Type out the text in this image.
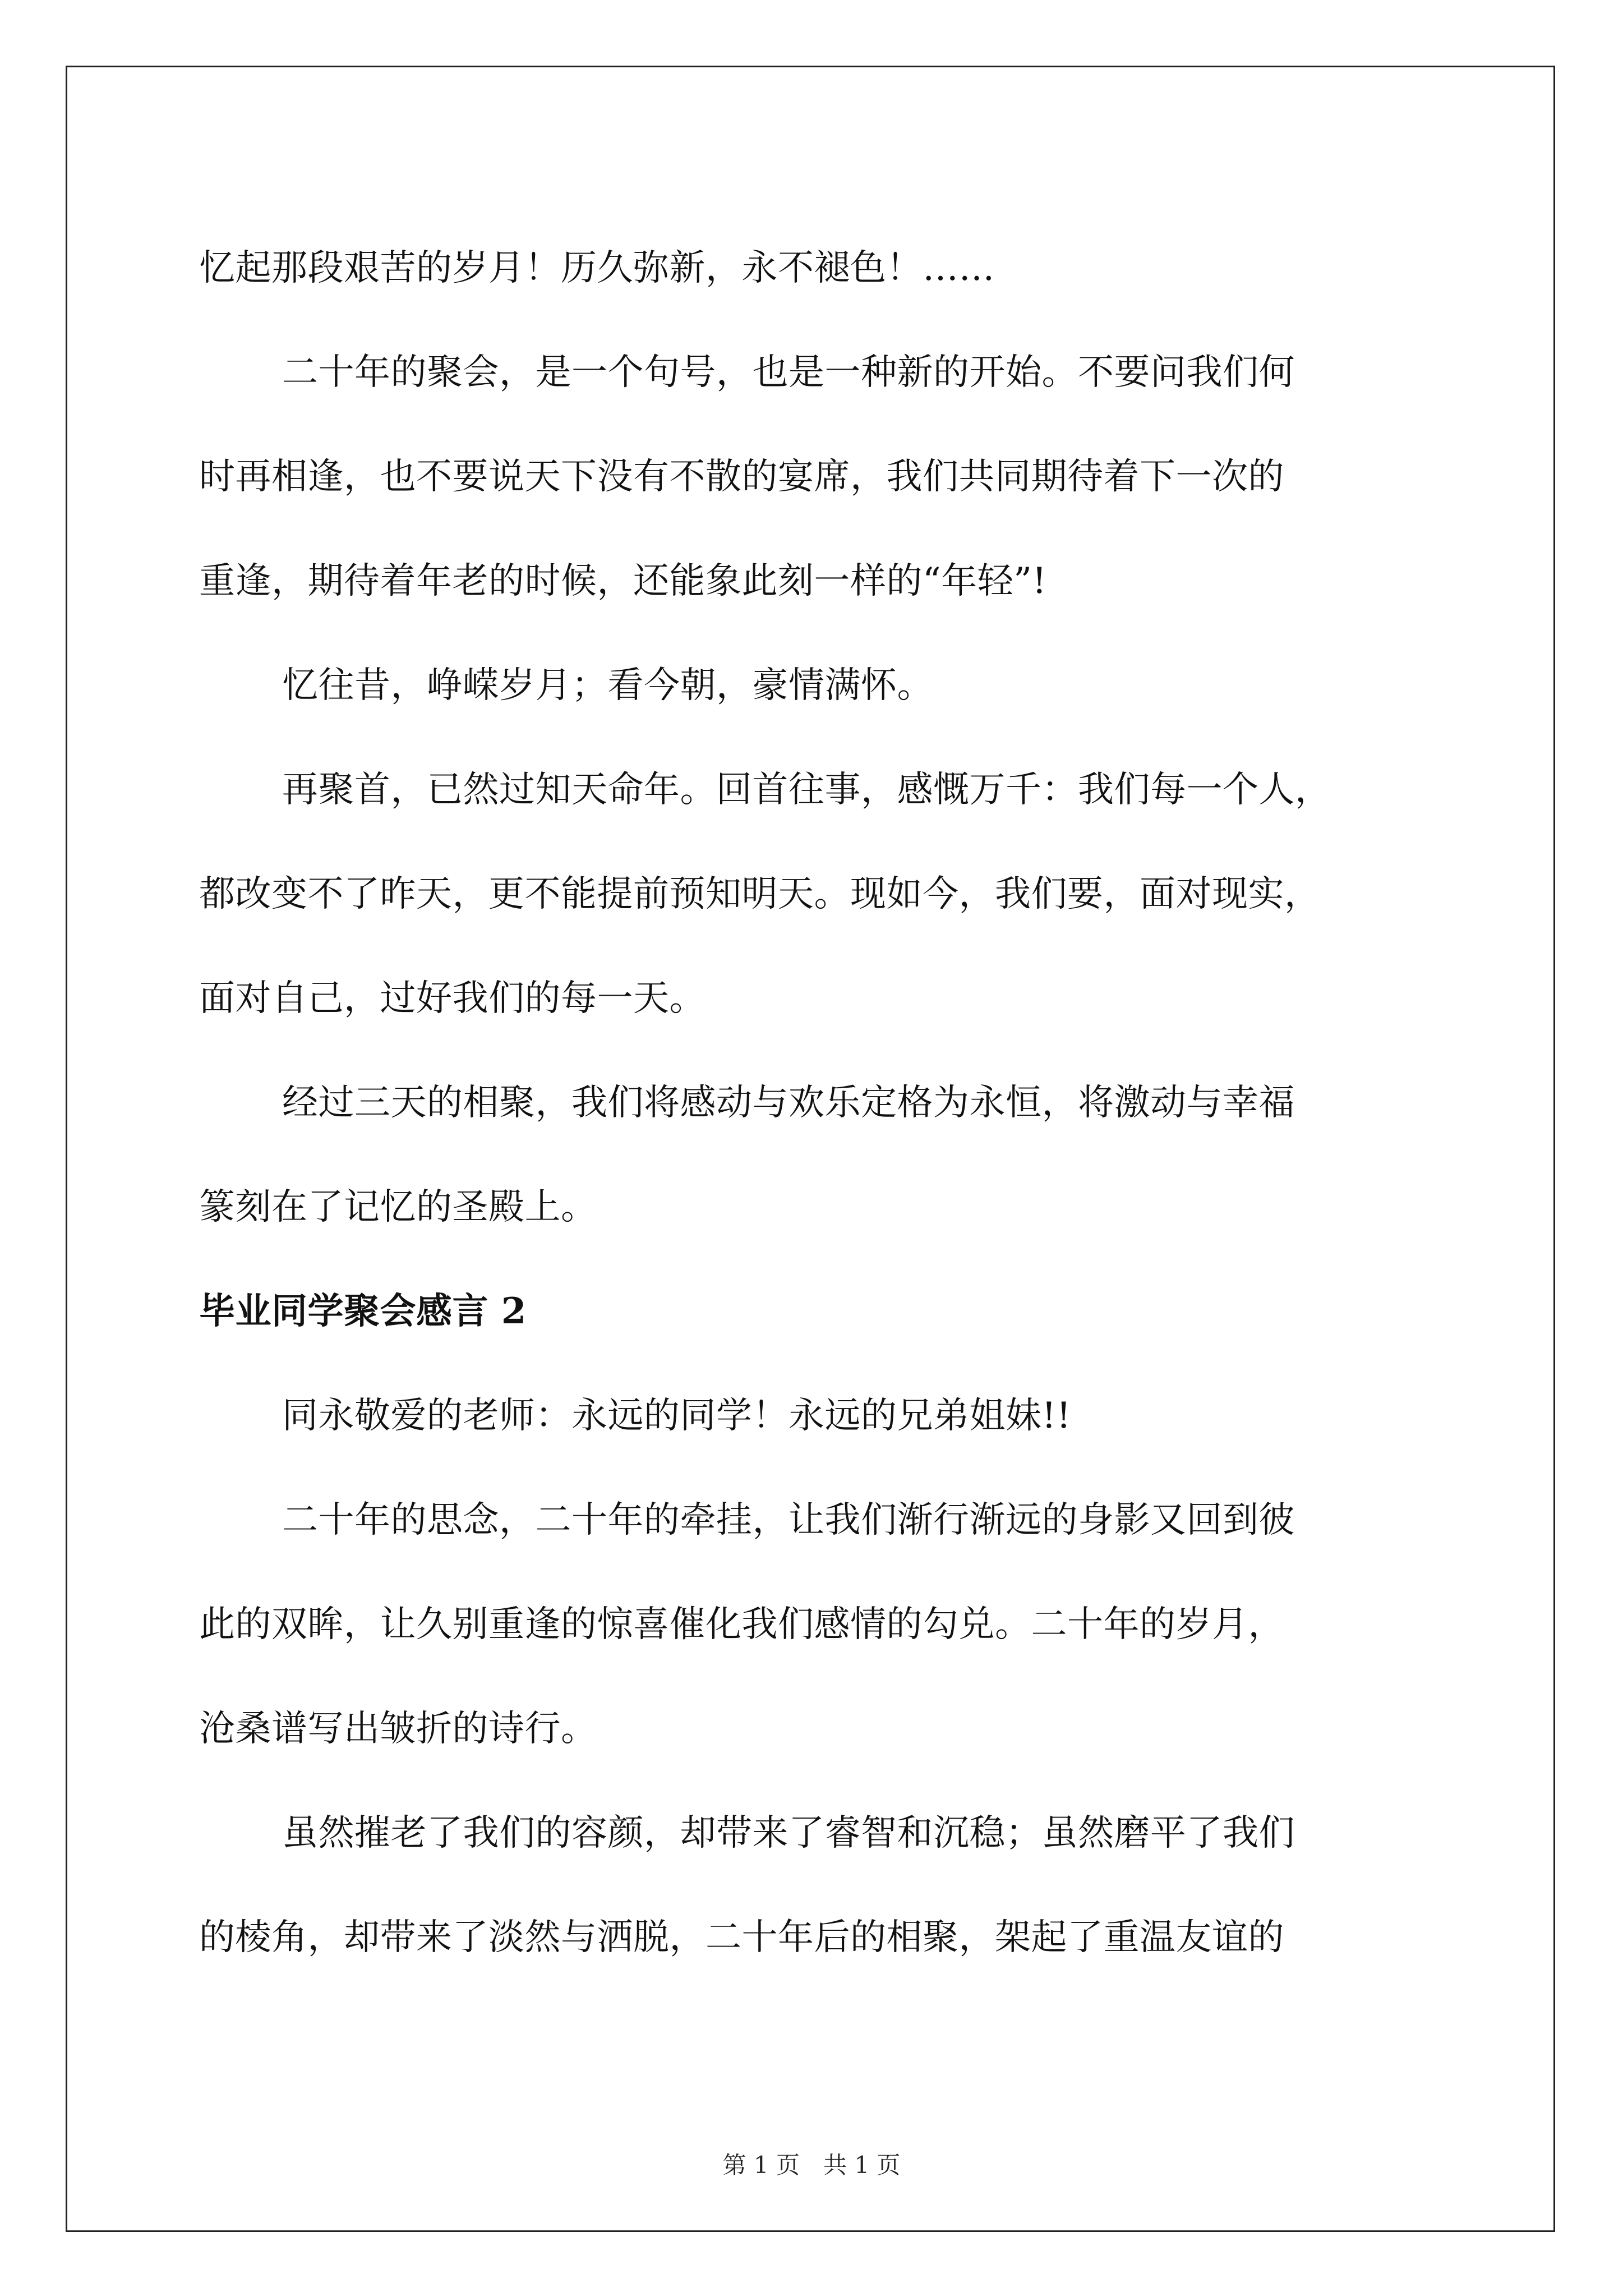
忆起那段艰苦的岁月！历久弥新，永不褪色！……

二十年的聚会，是一个句号，也是一种新的开始。不要问我们何

时再相逢，也不要说天下没有不散的宴席，我们共同期待着下一次的

重逢，期待着年老的时候，还能象此刻一样的“年轻”!

忆往昔，峥嵘岁月；看今朝，豪情满怀。

再聚首，已然过知天命年。回首往事，感慨万千：我们每一个人，

都改变不了昨天，更不能提前预知明天。现如今，我们要，面对现实，

面对自己，过好我们的每一天。

经过三天的相聚，我们将感动与欢乐定格为永恒，将激动与幸福

篆刻在了记忆的圣殿上。

毕业同学聚会感言 2

同永敬爱的老师：永远的同学！永远的兄弟姐妹!!

二十年的思念，二十年的牵挂，让我们渐行渐远的身影又回到彼

此的双眸，让久别重逢的惊喜催化我们感情的勾兑。二十年的岁月，

沧桑谱写出皱折的诗行。

虽然摧老了我们的容颜，却带来了睿智和沉稳；虽然磨平了我们

的棱角，却带来了淡然与洒脱，二十年后的相聚，架起了重温友谊的

第 1 页　共 1 页
